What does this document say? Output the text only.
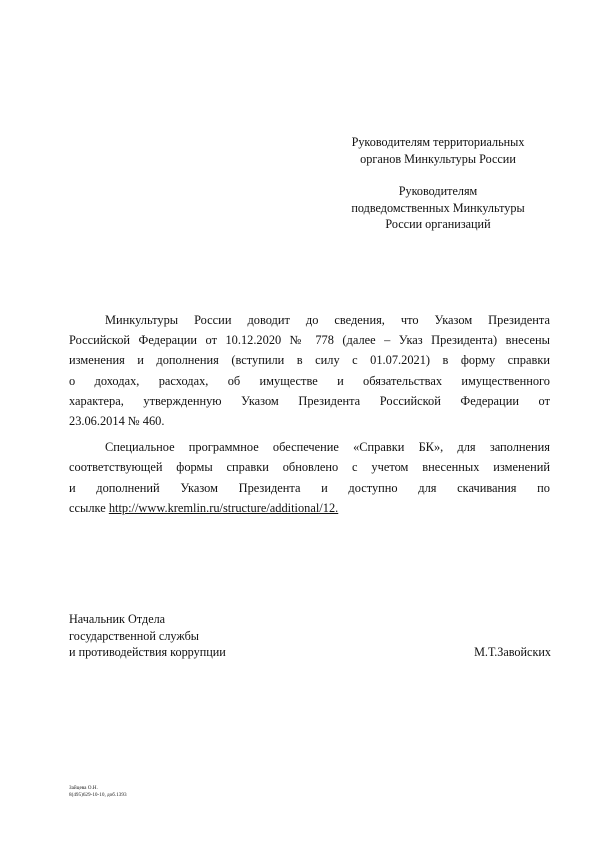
Руководителям территориальных
органов Минкультуры России
Руководителям
подведомственных Минкультуры
России организаций
Минкультуры России доводит до сведения, что Указом Президента
Российской Федерации от 10.12.2020 № 778 (далее – Указ Президента) внесены
изменения и дополнения (вступили в силу с 01.07.2021) в форму справки
о доходах, расходах, об имуществе и обязательствах имущественного
характера, утвержденную Указом Президента Российской Федерации от
23.06.2014 № 460.
Специальное программное обеспечение «Справки БК», для заполнения
соответствующей формы справки обновлено с учетом внесенных изменений
и дополнений Указом Президента и доступно для скачивания по
ссылке http://www.kremlin.ru/structure/additional/12.
Начальник Отдела
государственной службы
и противодействия коррупции	М.Т.Завойских
Зайцева О.Н.
8(495)629-10-10, доб.1393
